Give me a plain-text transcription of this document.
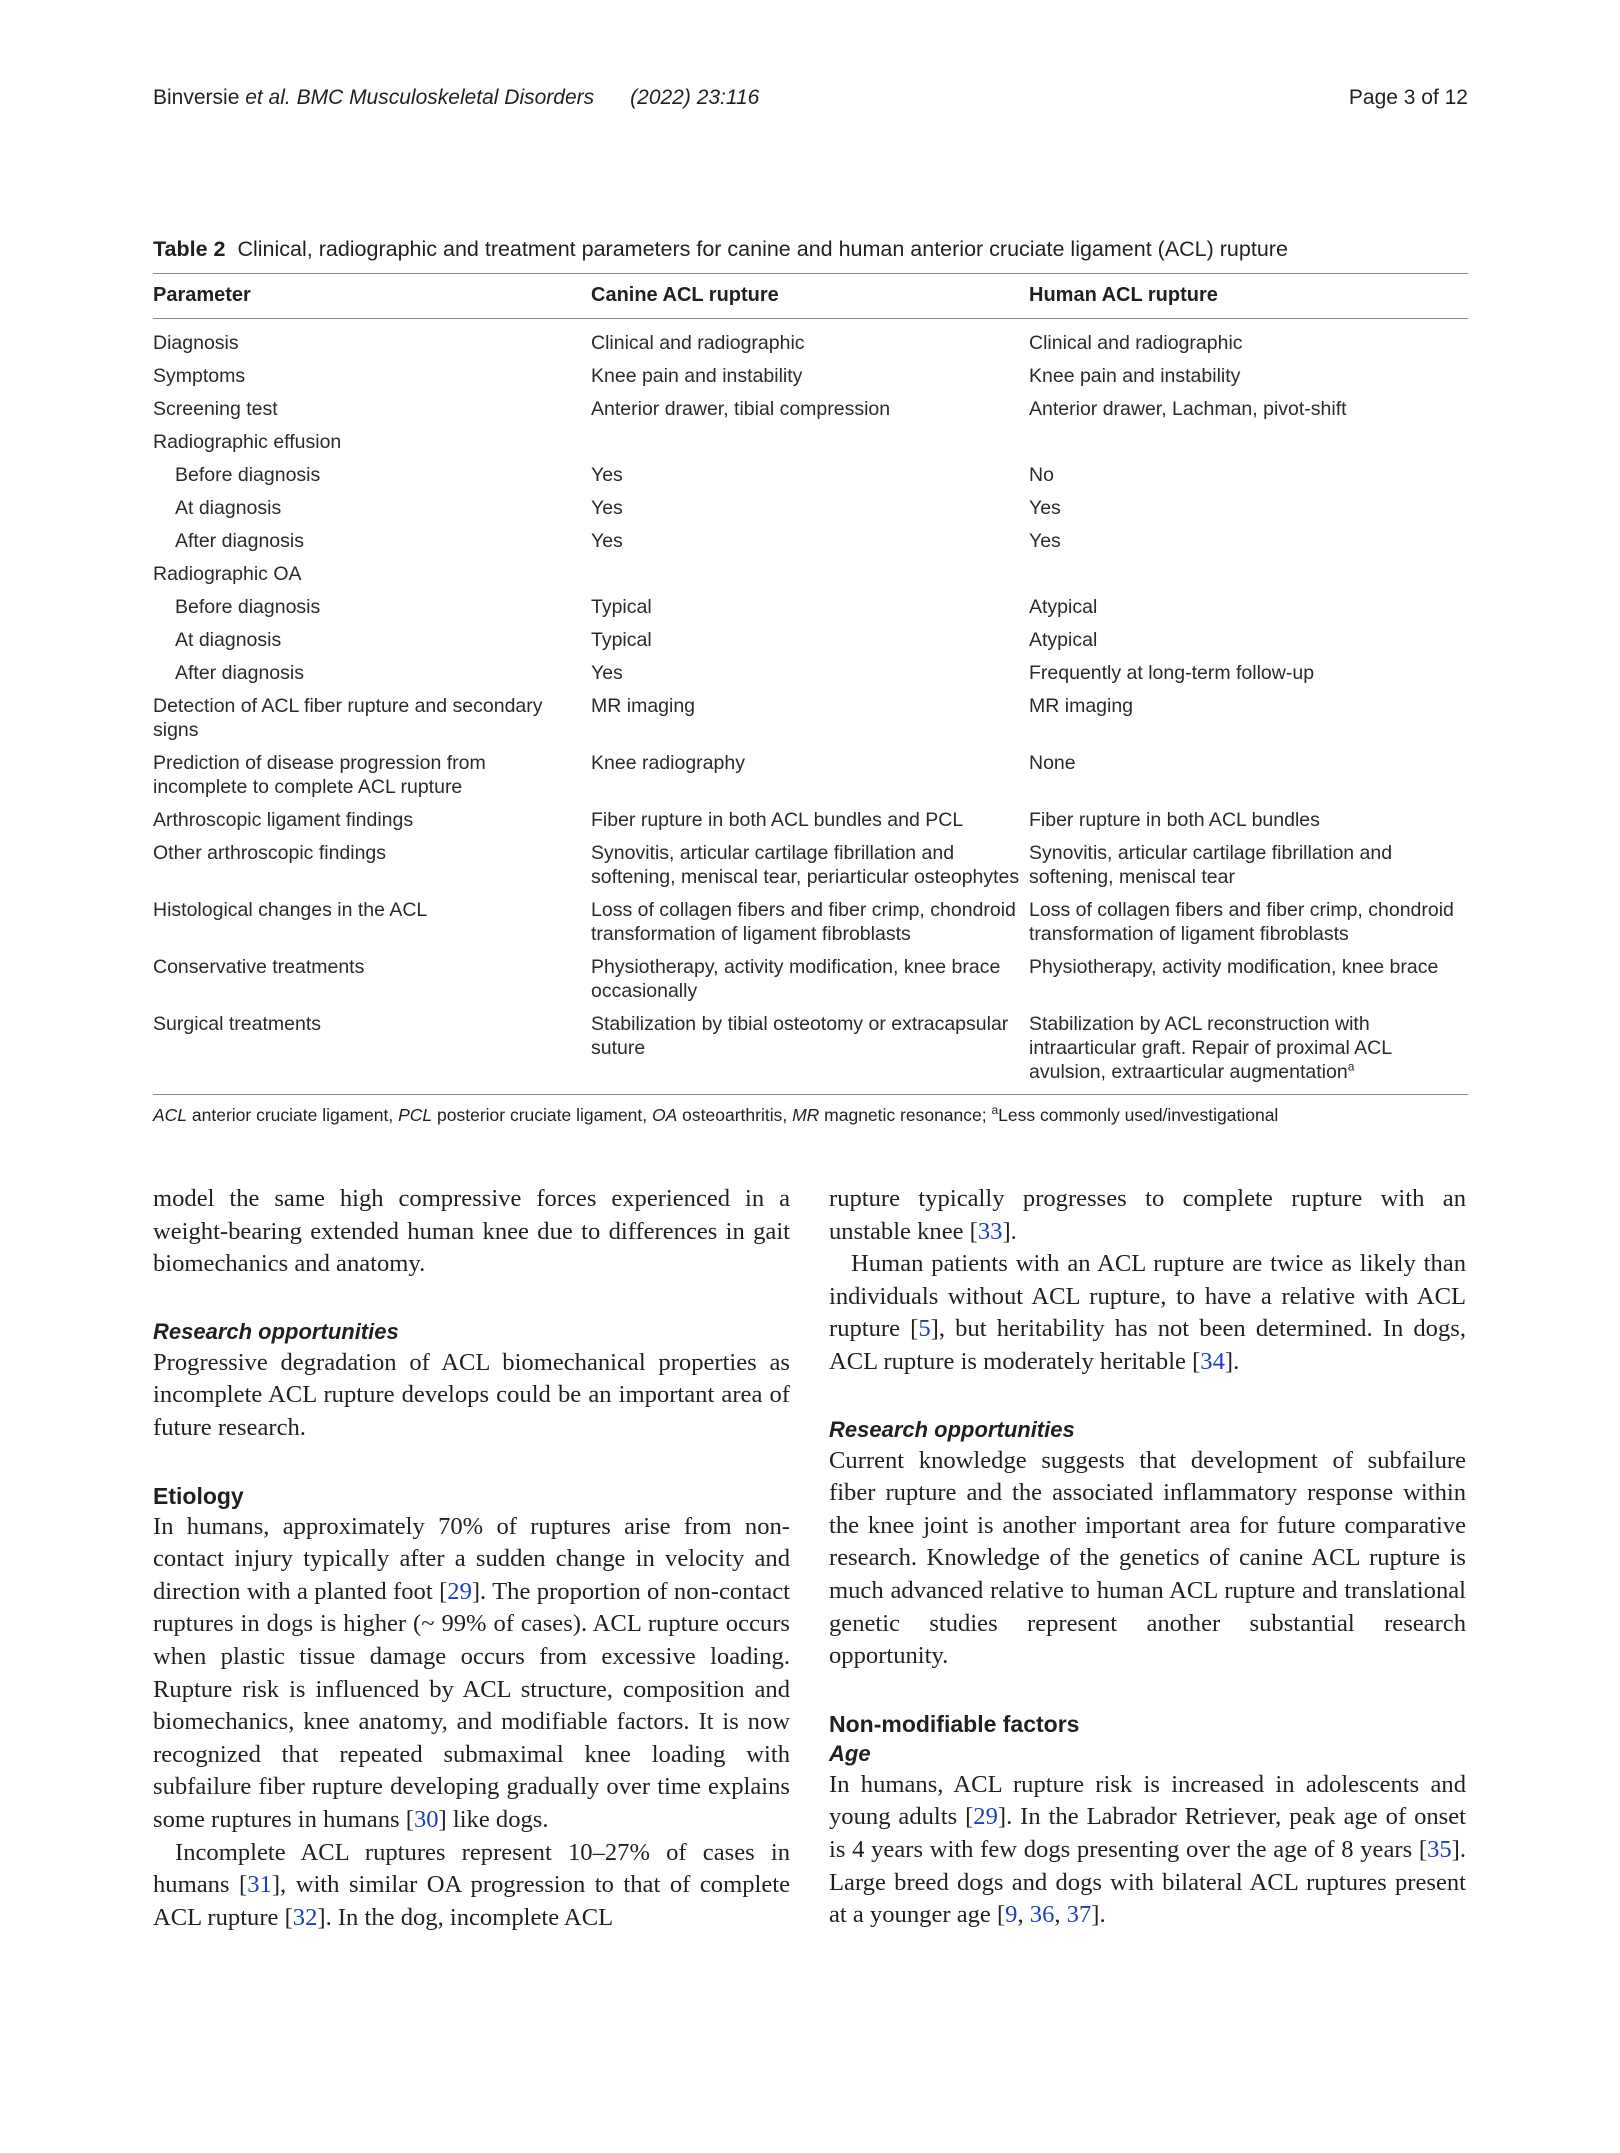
Binversie et al. BMC Musculoskeletal Disorders (2022) 23:116	Page 3 of 12
Table 2 Clinical, radiographic and treatment parameters for canine and human anterior cruciate ligament (ACL) rupture
Parameter	Canine ACL rupture	Human ACL rupture
Diagnosis	Clinical and radiographic	Clinical and radiographic
Symptoms	Knee pain and instability	Knee pain and instability
Screening test	Anterior drawer, tibial compression	Anterior drawer, Lachman, pivot-shift
Radiographic effusion		
Before diagnosis	Yes	No
At diagnosis	Yes	Yes
After diagnosis	Yes	Yes
Radiographic OA		
Before diagnosis	Typical	Atypical
At diagnosis	Typical	Atypical
After diagnosis	Yes	Frequently at long-term follow-up
Detection of ACL fiber rupture and secondary signs	MR imaging	MR imaging
Prediction of disease progression from incomplete to complete ACL rupture	Knee radiography	None
Arthroscopic ligament findings	Fiber rupture in both ACL bundles and PCL	Fiber rupture in both ACL bundles
Other arthroscopic findings	Synovitis, articular cartilage fibrillation and softening, meniscal tear, periarticular osteophytes	Synovitis, articular cartilage fibrillation and softening, meniscal tear
Histological changes in the ACL	Loss of collagen fibers and fiber crimp, chondroid transformation of ligament fibroblasts	Loss of collagen fibers and fiber crimp, chondroid transformation of ligament fibroblasts
Conservative treatments	Physiotherapy, activity modification, knee brace occasionally	Physiotherapy, activity modification, knee brace
Surgical treatments	Stabilization by tibial osteotomy or extracapsular suture	Stabilization by ACL reconstruction with intraarticular graft. Repair of proximal ACL avulsion, extraarticular augmentation$^a$
ACL anterior cruciate ligament, PCL posterior cruciate ligament, OA osteoarthritis, MR magnetic resonance; $^a$Less commonly used/investigational

model the same high compressive forces experienced in a weight-bearing extended human knee due to differences in gait biomechanics and anatomy.

Research opportunities

Progressive degradation of ACL biomechanical properties as incomplete ACL rupture develops could be an important area of future research.

Etiology

In humans, approximately 70% of ruptures arise from non-contact injury typically after a sudden change in velocity and direction with a planted foot [29]. The proportion of non-contact ruptures in dogs is higher (~ 99% of cases). ACL rupture occurs when plastic tissue damage occurs from excessive loading. Rupture risk is influenced by ACL structure, composition and biomechanics, knee anatomy, and modifiable factors. It is now recognized that repeated submaximal knee loading with subfailure fiber rupture developing gradually over time explains some ruptures in humans [30] like dogs.

Incomplete ACL ruptures represent 10–27% of cases in humans [31], with similar OA progression to that of complete ACL rupture [32]. In the dog, incomplete ACL

rupture typically progresses to complete rupture with an unstable knee [33].

Human patients with an ACL rupture are twice as likely than individuals without ACL rupture, to have a relative with ACL rupture [5], but heritability has not been determined. In dogs, ACL rupture is moderately heritable [34].

Research opportunities

Current knowledge suggests that development of subfailure fiber rupture and the associated inflammatory response within the knee joint is another important area for future comparative research. Knowledge of the genetics of canine ACL rupture is much advanced relative to human ACL rupture and translational genetic studies represent another substantial research opportunity.

Non-modifiable factors
Age

In humans, ACL rupture risk is increased in adolescents and young adults [29]. In the Labrador Retriever, peak age of onset is 4 years with few dogs presenting over the age of 8 years [35]. Large breed dogs and dogs with bilateral ACL ruptures present at a younger age [9, 36, 37].
